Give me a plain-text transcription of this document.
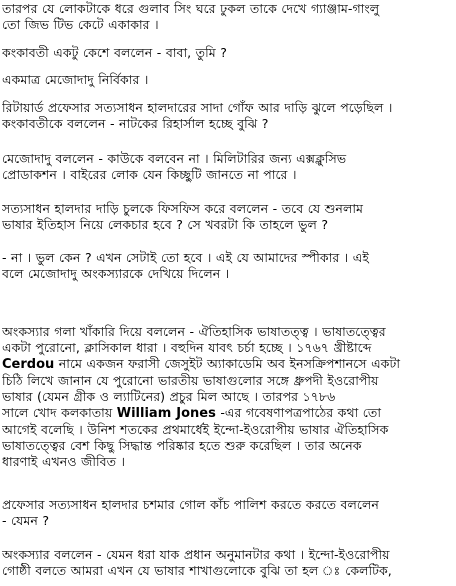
তারপর যে লোকটাকে ধরে গুলাব সিং ঘরে ঢুকল তাকে দেখে গ্যাঞ্জাম-গাংলু
তো জিভ টিভ কেটে একাকার ।
কংকাবতী একটু কেশে বললেন - বাবা, তুমি ?
একমাত্র মেজোদাদু নির্বিকার ।
রিটায়ার্ড প্রফেসার সত্যসাধন হালদারের সাদা গোঁফ আর দাড়ি ঝুলে পড়েছিল ।
কংকাবতীকে বললেন - নাটকের রিহার্সাল হচ্ছে বুঝি ?
মেজোদাদু বললেন - কাউকে বলবেন না । মিলিটারির জন্য এক্সক্লুসিভ
প্রোডাকশন । বাইরের লোক যেন কিচ্ছুটি জানতে না পারে ।
সত্যসাধন হালদার দাড়ি চুলকে ফিসফিস করে বললেন - তবে যে শুনলাম
ভাষার ইতিহাস নিয়ে লেকচার হবে ? সে খবরটা কি তাহলে ভুল ?
- না । ভুল কেন ? এখন সেটাই তো হবে । এই যে আমাদের স্পীকার । এই
বলে মেজোদাদু অংকস্যারকে দেখিয়ে দিলেন ।
অংকস্যার গলা খাঁকারি দিয়ে বললেন - ঐতিহাসিক ভাষাতত্ত্ব । ভাষাতত্ত্বের
একটা পুরোনো, ক্লাসিকাল ধারা । বহুদিন যাবৎ চর্চা হচ্ছে । ১৭৬৭ খ্রীষ্টাব্দে
Cerdou নামে একজন ফরাসী জেসুইট অ্যাকাডেমি অব ইনসক্রিপশানসে একটা
চিঠি লিখে জানান যে পুরোনো ভারতীয় ভাষাগুলোর সঙ্গে ধ্রুপদী ইওরোপীয়
ভাষার (যেমন গ্রীক ও ল্যাটিনের) প্রচুর মিল আছে । তারপর ১৭৮৬
সালে খোদ কলকাতায় William Jones -এর গবেষণাপত্রপাঠের কথা তো
আগেই বলেছি । উনিশ শতকের প্রথমার্ধেই ইন্দো-ইওরোপীয় ভাষার ঐতিহাসিক
ভাষাতত্ত্বের বেশ কিছু সিদ্ধান্ত পরিষ্কার হতে শুরু করেছিল । তার অনেক
ধারণাই এখনও জীবিত ।
প্রফেসার সত্যসাধন হালদার চশমার গোল কাঁচ পালিশ করতে করতে বললেন
- যেমন ?
অংকস্যার বললেন - যেমন ধরা যাক প্রধান অনুমানটার কথা । ইন্দো-ইওরোপীয়
গোষ্ঠী বলতে আমরা এখন যে ভাষার শাখাগুলোকে বুঝি তা হল ঃ কেলটিক,
